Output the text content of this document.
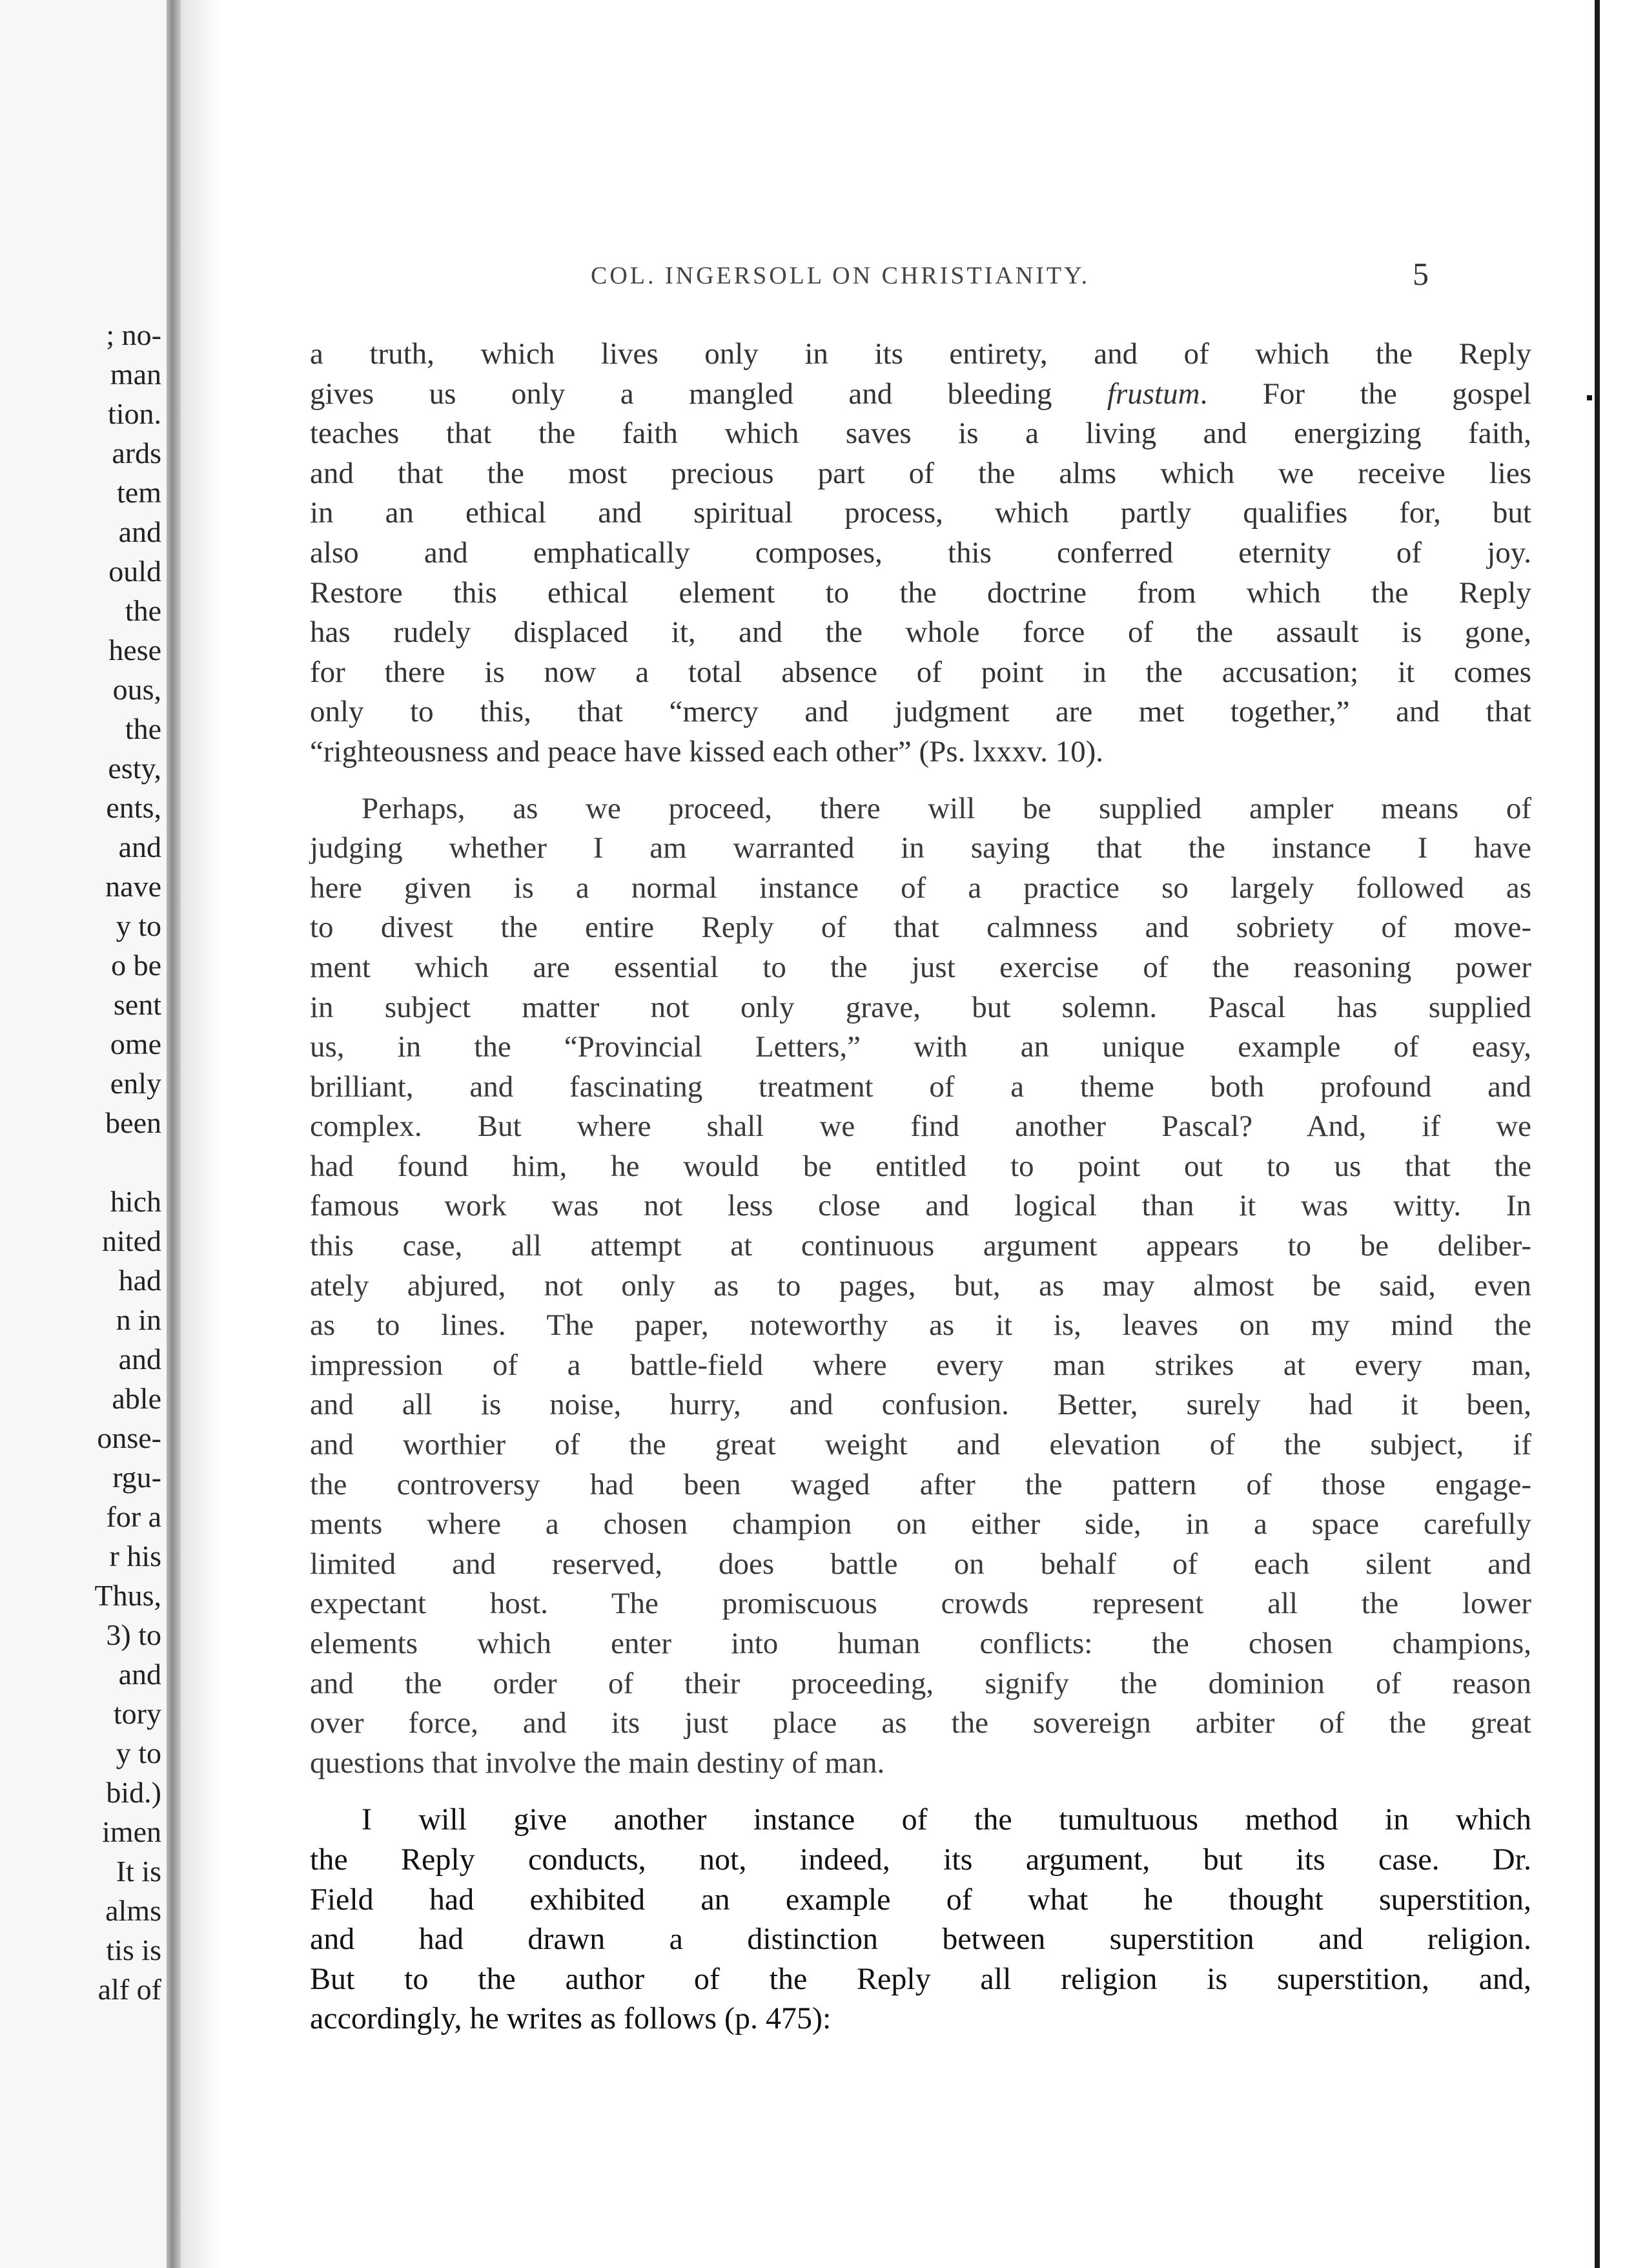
; no-
man
tion.
ards
tem
and
ould
the
hese
ous,
the
esty,
ents,
and
nave
y to
o be
sent
ome
enly
been
hich
nited
had
n in
and
able
onse-
rgu-
for a
r his
Thus,
3) to
and
tory
y to
bid.)
imen
It is
alms
tis is
alf of
COL. INGERSOLL ON CHRISTIANITY.	5
a truth, which lives only in its entirety, and of which the Reply
gives us only a mangled and bleeding frustum. For the gospel
teaches that the faith which saves is a living and energizing faith,
and that the most precious part of the alms which we receive lies
in an ethical and spiritual process, which partly qualifies for, but
also and emphatically composes, this conferred eternity of joy.
Restore this ethical element to the doctrine from which the Reply
has rudely displaced it, and the whole force of the assault is gone,
for there is now a total absence of point in the accusation; it comes
only to this, that “mercy and judgment are met together,” and that
“righteousness and peace have kissed each other” (Ps. lxxxv. 10).
Perhaps, as we proceed, there will be supplied ampler means of
judging whether I am warranted in saying that the instance I have
here given is a normal instance of a practice so largely followed as
to divest the entire Reply of that calmness and sobriety of move-
ment which are essential to the just exercise of the reasoning power
in subject matter not only grave, but solemn. Pascal has supplied
us, in the “Provincial Letters,” with an unique example of easy,
brilliant, and fascinating treatment of a theme both profound and
complex. But where shall we find another Pascal? And, if we
had found him, he would be entitled to point out to us that the
famous work was not less close and logical than it was witty. In
this case, all attempt at continuous argument appears to be deliber-
ately abjured, not only as to pages, but, as may almost be said, even
as to lines. The paper, noteworthy as it is, leaves on my mind the
impression of a battle-field where every man strikes at every man,
and all is noise, hurry, and confusion. Better, surely had it been,
and worthier of the great weight and elevation of the subject, if
the controversy had been waged after the pattern of those engage-
ments where a chosen champion on either side, in a space carefully
limited and reserved, does battle on behalf of each silent and
expectant host. The promiscuous crowds represent all the lower
elements which enter into human conflicts: the chosen champions,
and the order of their proceeding, signify the dominion of reason
over force, and its just place as the sovereign arbiter of the great
questions that involve the main destiny of man.
I will give another instance of the tumultuous method in which
the Reply conducts, not, indeed, its argument, but its case. Dr.
Field had exhibited an example of what he thought superstition,
and had drawn a distinction between superstition and religion.
But to the author of the Reply all religion is superstition, and,
accordingly, he writes as follows (p. 475):
